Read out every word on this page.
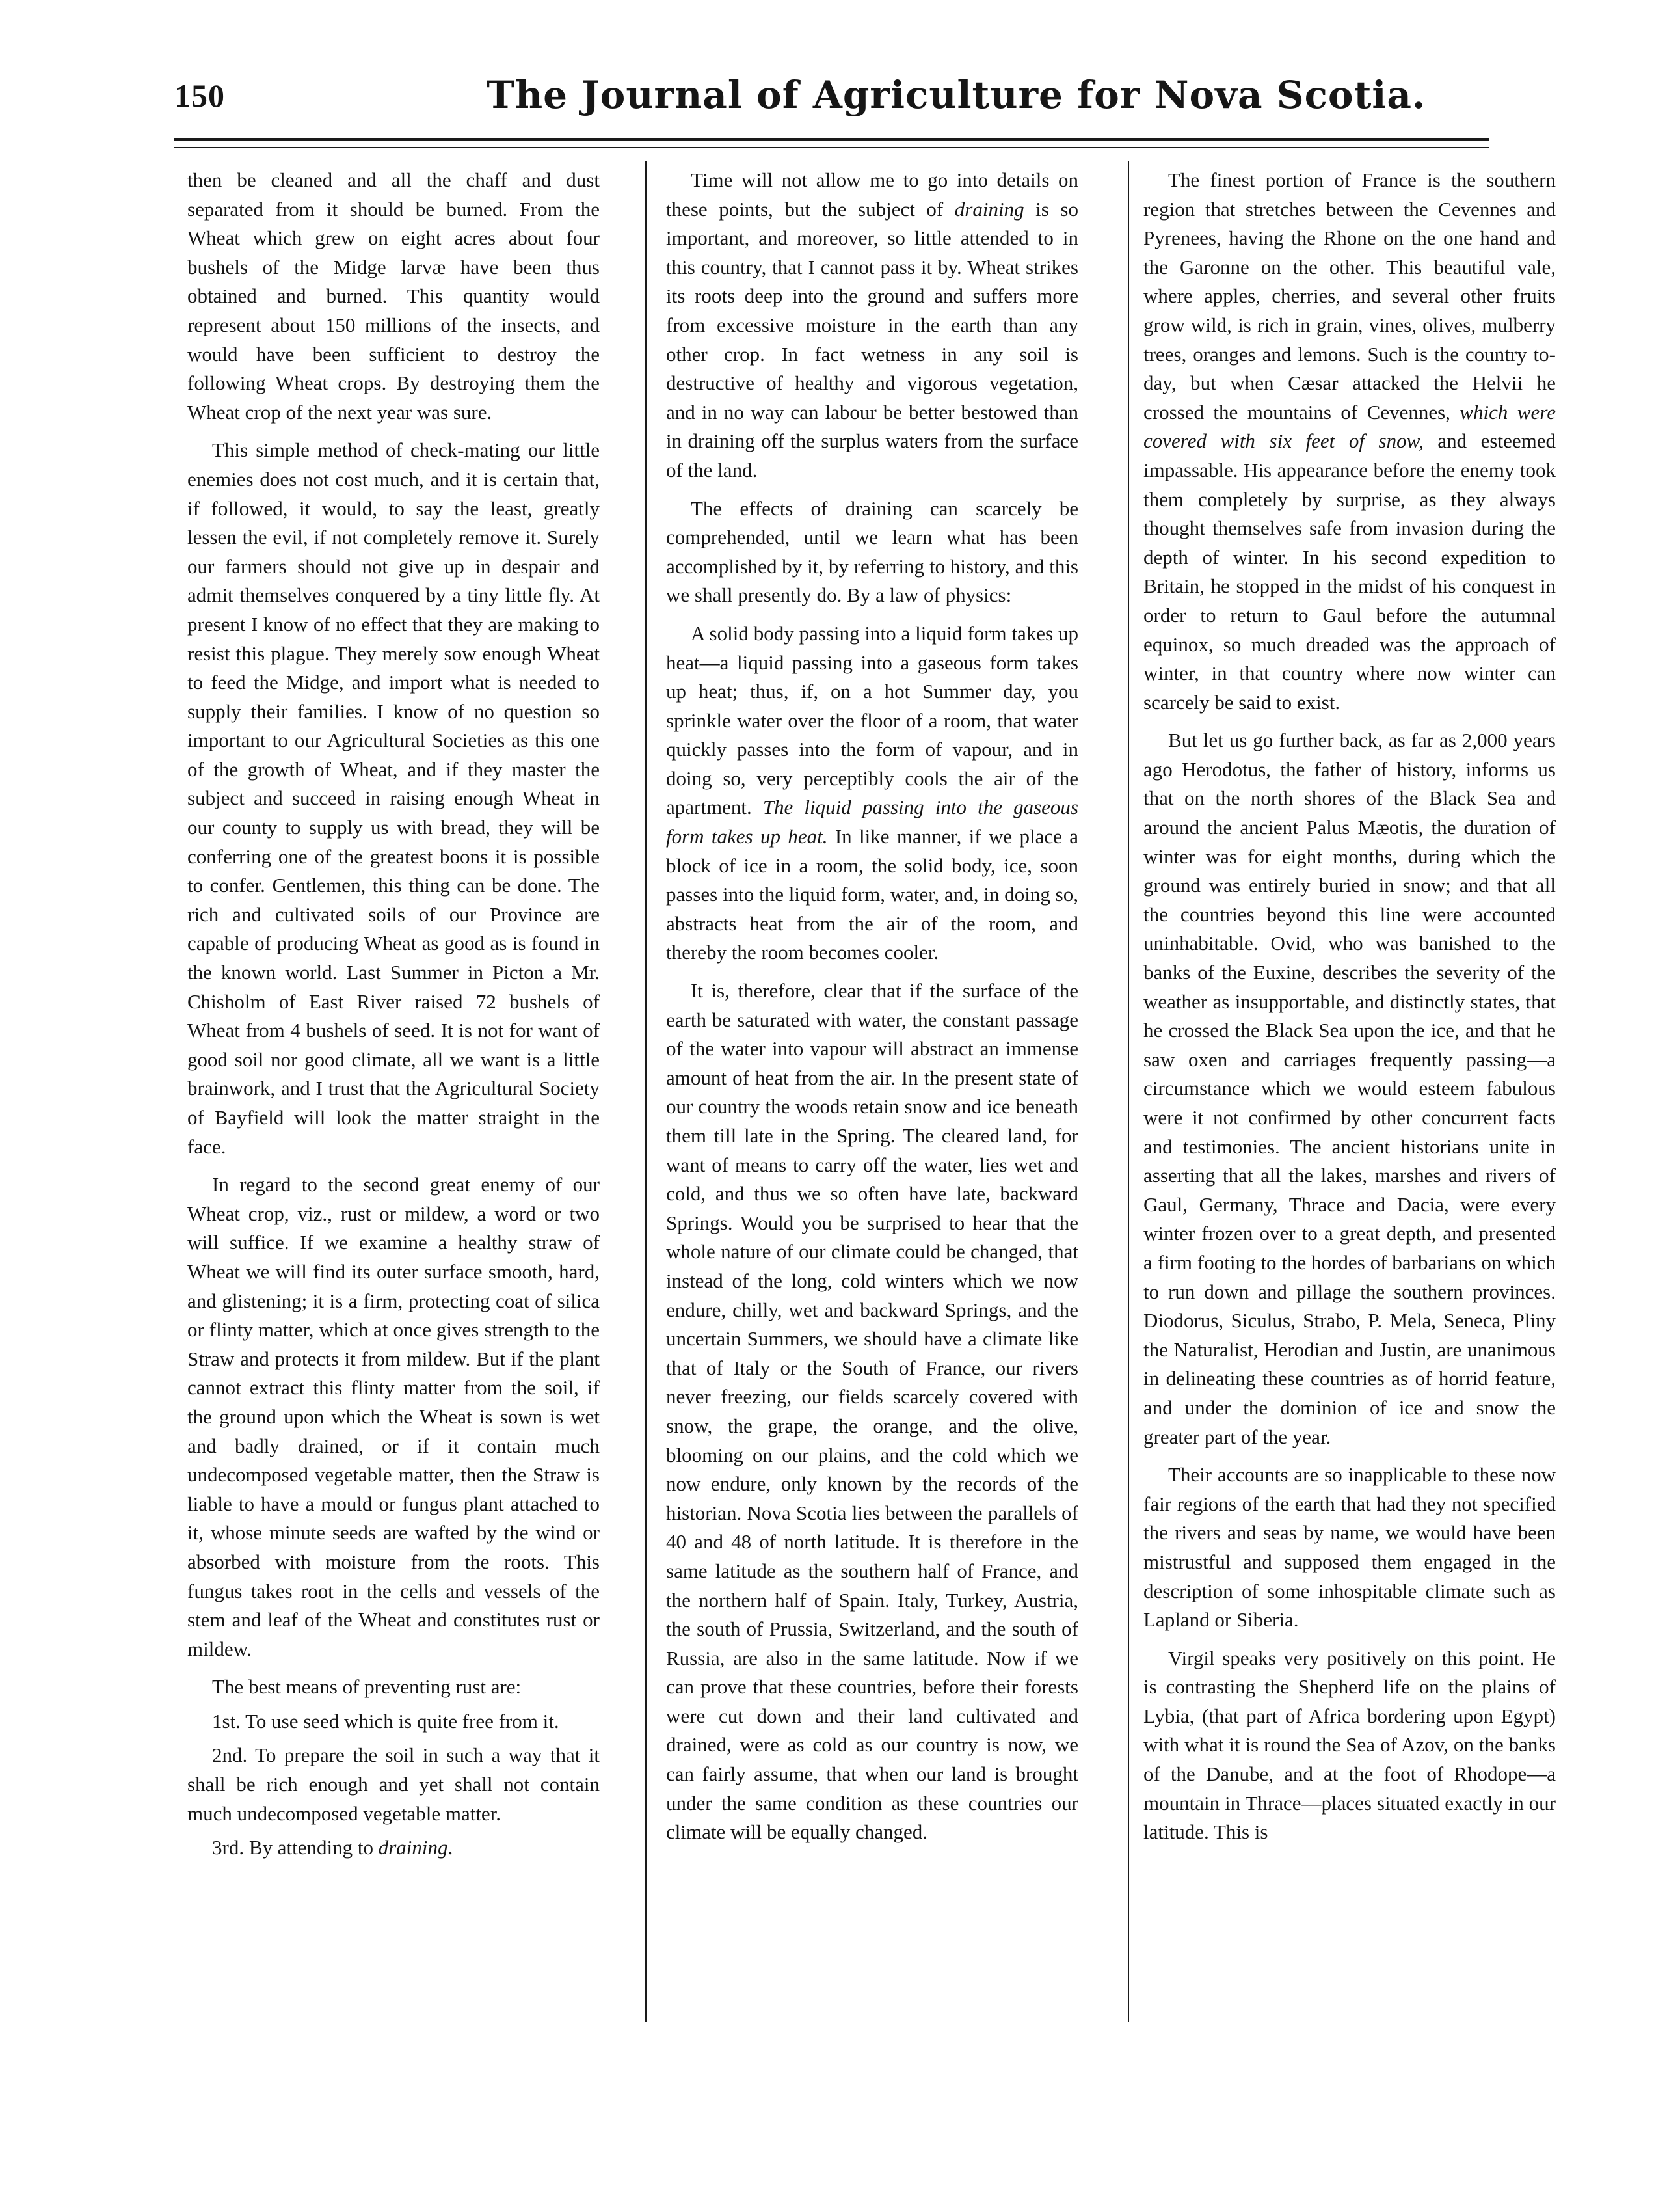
150	The Journal of Agriculture for Nova Scotia.

then be cleaned and all the chaff and dust separated from it should be burned. From the Wheat which grew on eight acres about four bushels of the Midge larvæ have been thus obtained and burned. This quantity would represent about 150 millions of the insects, and would have been sufficient to destroy the following Wheat crops. By destroying them the Wheat crop of the next year was sure.

This simple method of check-mating our little enemies does not cost much, and it is certain that, if followed, it would, to say the least, greatly lessen the evil, if not completely remove it. Surely our farmers should not give up in despair and admit themselves conquered by a tiny little fly. At present I know of no effect that they are making to resist this plague. They merely sow enough Wheat to feed the Midge, and import what is needed to supply their families. I know of no question so important to our Agricultural Societies as this one of the growth of Wheat, and if they master the subject and succeed in raising enough Wheat in our county to supply us with bread, they will be conferring one of the greatest boons it is possible to confer. Gentlemen, this thing can be done. The rich and cultivated soils of our Province are capable of producing Wheat as good as is found in the known world. Last Summer in Picton a Mr. Chisholm of East River raised 72 bushels of Wheat from 4 bushels of seed. It is not for want of good soil nor good climate, all we want is a little brainwork, and I trust that the Agricultural Society of Bayfield will look the matter straight in the face.

In regard to the second great enemy of our Wheat crop, viz., rust or mildew, a word or two will suffice. If we examine a healthy straw of Wheat we will find its outer surface smooth, hard, and glistening; it is a firm, protecting coat of silica or flinty matter, which at once gives strength to the Straw and protects it from mildew. But if the plant cannot extract this flinty matter from the soil, if the ground upon which the Wheat is sown is wet and badly drained, or if it contain much undecomposed vegetable matter, then the Straw is liable to have a mould or fungus plant attached to it, whose minute seeds are wafted by the wind or absorbed with moisture from the roots. This fungus takes root in the cells and vessels of the stem and leaf of the Wheat and constitutes rust or mildew.

The best means of preventing rust are:

1st. To use seed which is quite free from it.

2nd. To prepare the soil in such a way that it shall be rich enough and yet shall not contain much undecomposed vegetable matter.

3rd. By attending to draining.

Time will not allow me to go into details on these points, but the subject of draining is so important, and moreover, so little attended to in this country, that I cannot pass it by. Wheat strikes its roots deep into the ground and suffers more from excessive moisture in the earth than any other crop. In fact wetness in any soil is destructive of healthy and vigorous vegetation, and in no way can labour be better bestowed than in draining off the surplus waters from the surface of the land.

The effects of draining can scarcely be comprehended, until we learn what has been accomplished by it, by referring to history, and this we shall presently do. By a law of physics:

A solid body passing into a liquid form takes up heat—a liquid passing into a gaseous form takes up heat; thus, if, on a hot Summer day, you sprinkle water over the floor of a room, that water quickly passes into the form of vapour, and in doing so, very perceptibly cools the air of the apartment. The liquid passing into the gaseous form takes up heat. In like manner, if we place a block of ice in a room, the solid body, ice, soon passes into the liquid form, water, and, in doing so, abstracts heat from the air of the room, and thereby the room becomes cooler.

It is, therefore, clear that if the surface of the earth be saturated with water, the constant passage of the water into vapour will abstract an immense amount of heat from the air. In the present state of our country the woods retain snow and ice beneath them till late in the Spring. The cleared land, for want of means to carry off the water, lies wet and cold, and thus we so often have late, backward Springs. Would you be surprised to hear that the whole nature of our climate could be changed, that instead of the long, cold winters which we now endure, chilly, wet and backward Springs, and the uncertain Summers, we should have a climate like that of Italy or the South of France, our rivers never freezing, our fields scarcely covered with snow, the grape, the orange, and the olive, blooming on our plains, and the cold which we now endure, only known by the records of the historian. Nova Scotia lies between the parallels of 40 and 48 of north latitude. It is therefore in the same latitude as the southern half of France, and the northern half of Spain. Italy, Turkey, Austria, the south of Prussia, Switzerland, and the south of Russia, are also in the same latitude. Now if we can prove that these countries, before their forests were cut down and their land cultivated and drained, were as cold as our country is now, we can fairly assume, that when our land is brought under the same condition as these countries our climate will be equally changed.

The finest portion of France is the southern region that stretches between the Cevennes and Pyrenees, having the Rhone on the one hand and the Garonne on the other. This beautiful vale, where apples, cherries, and several other fruits grow wild, is rich in grain, vines, olives, mulberry trees, oranges and lemons. Such is the country to-day, but when Cæsar attacked the Helvii he crossed the mountains of Cevennes, which were covered with six feet of snow, and esteemed impassable. His appearance before the enemy took them completely by surprise, as they always thought themselves safe from invasion during the depth of winter. In his second expedition to Britain, he stopped in the midst of his conquest in order to return to Gaul before the autumnal equinox, so much dreaded was the approach of winter, in that country where now winter can scarcely be said to exist.

But let us go further back, as far as 2,000 years ago Herodotus, the father of history, informs us that on the north shores of the Black Sea and around the ancient Palus Mæotis, the duration of winter was for eight months, during which the ground was entirely buried in snow; and that all the countries beyond this line were accounted uninhabitable. Ovid, who was banished to the banks of the Euxine, describes the severity of the weather as insupportable, and distinctly states, that he crossed the Black Sea upon the ice, and that he saw oxen and carriages frequently passing—a circumstance which we would esteem fabulous were it not confirmed by other concurrent facts and testimonies. The ancient historians unite in asserting that all the lakes, marshes and rivers of Gaul, Germany, Thrace and Dacia, were every winter frozen over to a great depth, and presented a firm footing to the hordes of barbarians on which to run down and pillage the southern provinces. Diodorus, Siculus, Strabo, P. Mela, Seneca, Pliny the Naturalist, Herodian and Justin, are unanimous in delineating these countries as of horrid feature, and under the dominion of ice and snow the greater part of the year.

Their accounts are so inapplicable to these now fair regions of the earth that had they not specified the rivers and seas by name, we would have been mistrustful and supposed them engaged in the description of some inhospitable climate such as Lapland or Siberia.

Virgil speaks very positively on this point. He is contrasting the Shepherd life on the plains of Lybia, (that part of Africa bordering upon Egypt) with what it is round the Sea of Azov, on the banks of the Danube, and at the foot of Rhodope—a mountain in Thrace—places situated exactly in our latitude. This is
